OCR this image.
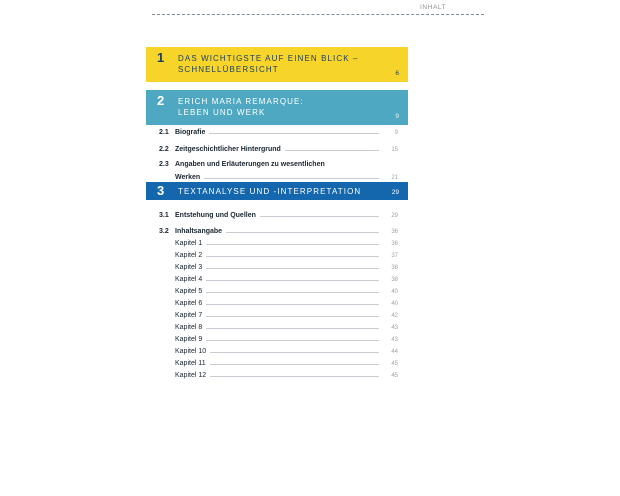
INHALT
1 DAS WICHTIGSTE AUF EINEN BLICK –
SCHNELLÜBERSICHT	6
2 ERICH MARIA REMARQUE:
LEBEN UND WERK	9
2.1 Biografie	9
2.2 Zeitgeschichtlicher Hintergrund	15
2.3 Angaben und Erläuterungen zu wesentlichen
Werken	21
3 TEXTANALYSE UND -INTERPRETATION	29
3.1 Entstehung und Quellen	29
3.2 Inhaltsangabe	36
Kapitel 1	36
Kapitel 2	37
Kapitel 3	38
Kapitel 4	38
Kapitel 5	40
Kapitel 6	40
Kapitel 7	42
Kapitel 8	43
Kapitel 9	43
Kapitel 10	44
Kapitel 11	45
Kapitel 12	45
